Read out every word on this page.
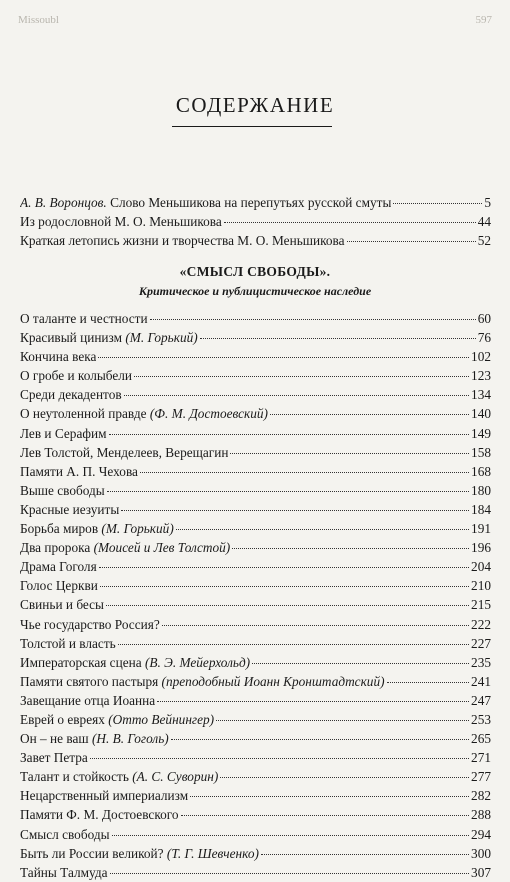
Missoubl	597
СОДЕРЖАНИЕ
А. В. Воронцов. Слово Меньшикова на перепутьях русской смуты	5
Из родословной М. О. Меньшикова	44
Краткая летопись жизни и творчества М. О. Меньшикова	52
«СМЫСЛ СВОБОДЫ».
Критическое и публицистическое наследие
О таланте и честности	60
Красивый цинизм (М. Горький)	76
Кончина века	102
О гробе и колыбели	123
Среди декадентов	134
О неутоленной правде (Ф. М. Достоевский)	140
Лев и Серафим	149
Лев Толстой, Менделеев, Верещагин	158
Памяти А. П. Чехова	168
Выше свободы	180
Красные иезуиты	184
Борьба миров (М. Горький)	191
Два пророка (Моисей и Лев Толстой)	196
Драма Гоголя	204
Голос Церкви	210
Свиньи и бесы	215
Чье государство Россия?	222
Толстой и власть	227
Императорская сцена (В. Э. Мейерхольд)	235
Памяти святого пастыря (преподобный Иоанн Кронштадтский)	241
Завещание отца Иоанна	247
Еврей о евреях (Отто Вейнингер)	253
Он – не ваш (Н. В. Гоголь)	265
Завет Петра	271
Талант и стойкость (А. С. Суворин)	277
Нецарственный империализм	282
Памяти Ф. М. Достоевского	288
Смысл свободы	294
Быть ли России великой? (Т. Г. Шевченко)	300
Тайны Талмуда	307
